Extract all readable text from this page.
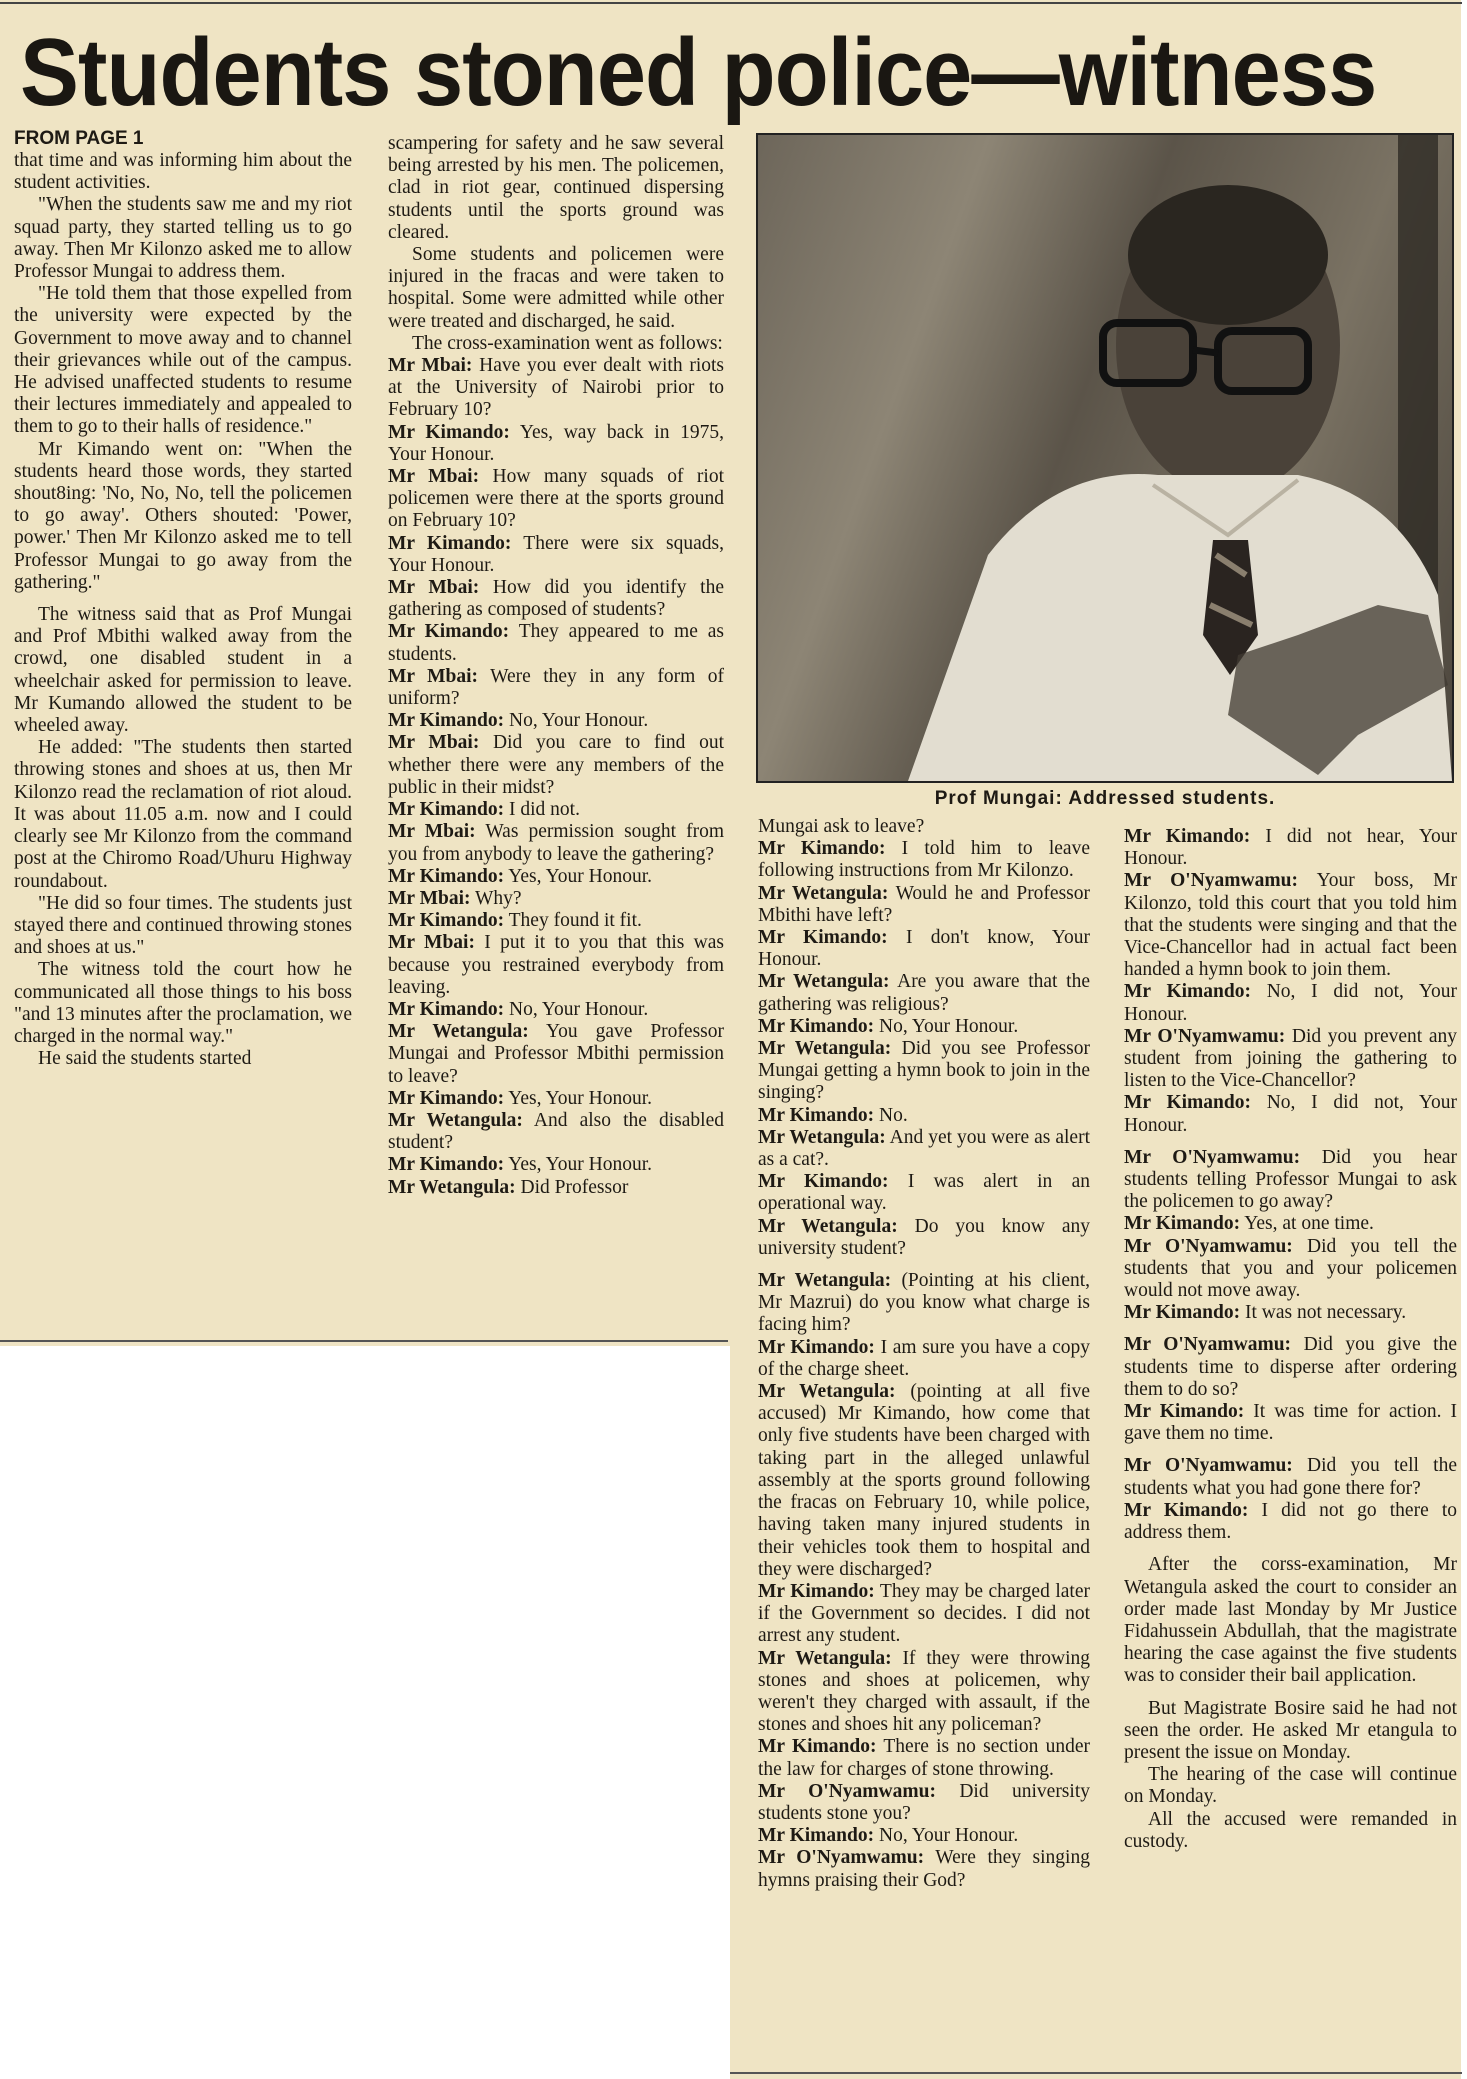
Students stoned police—witness

FROM PAGE 1

that time and was informing him about the student activities.

"When the students saw me and my riot squad party, they started telling us to go away. Then Mr Kilonzo asked me to allow Professor Mungai to address them.

"He told them that those expelled from the university were expected by the Government to move away and to channel their grievances while out of the campus. He advised unaffected students to resume their lectures immediately and appealed to them to go to their halls of residence."

Mr Kimando went on: "When the students heard those words, they started shout8ing: 'No, No, No, tell the policemen to go away'. Others shouted: 'Power, power.' Then Mr Kilonzo asked me to tell Professor Mungai to go away from the gathering."

The witness said that as Prof Mungai and Prof Mbithi walked away from the crowd, one disabled student in a wheelchair asked for permission to leave. Mr Kumando allowed the student to be wheeled away.

He added: "The students then started throwing stones and shoes at us, then Mr Kilonzo read the reclamation of riot aloud. It was about 11.05 a.m. now and I could clearly see Mr Kilonzo from the command post at the Chiromo Road/Uhuru Highway roundabout.

"He did so four times. The students just stayed there and continued throwing stones and shoes at us."

The witness told the court how he communicated all those things to his boss "and 13 minutes after the proclamation, we charged in the normal way."

He said the students started

scampering for safety and he saw several being arrested by his men. The policemen, clad in riot gear, continued dispersing students until the sports ground was cleared.

Some students and policemen were injured in the fracas and were taken to hospital. Some were admitted while other were treated and discharged, he said.

The cross-examination went as follows:

Mr Mbai: Have you ever dealt with riots at the University of Nairobi prior to February 10?

Mr Kimando: Yes, way back in 1975, Your Honour.

Mr Mbai: How many squads of riot policemen were there at the sports ground on February 10?

Mr Kimando: There were six squads, Your Honour.

Mr Mbai: How did you identify the gathering as composed of students?

Mr Kimando: They appeared to me as students.

Mr Mbai: Were they in any form of uniform?

Mr Kimando: No, Your Honour.

Mr Mbai: Did you care to find out whether there were any members of the public in their midst?

Mr Kimando: I did not.

Mr Mbai: Was permission sought from you from anybody to leave the gathering?

Mr Kimando: Yes, Your Honour.

Mr Mbai: Why?

Mr Kimando: They found it fit.

Mr Mbai: I put it to you that this was because you restrained everybody from leaving.

Mr Kimando: No, Your Honour.

Mr Wetangula: You gave Professor Mungai and Professor Mbithi permission to leave?

Mr Kimando: Yes, Your Honour.

Mr Wetangula: And also the disabled student?

Mr Kimando: Yes, Your Honour.

Mr Wetangula: Did Professor

Prof Mungai: Addressed students.

Mungai ask to leave?

Mr Kimando: I told him to leave following instructions from Mr Kilonzo.

Mr Wetangula: Would he and Professor Mbithi have left?

Mr Kimando: I don't know, Your Honour.

Mr Wetangula: Are you aware that the gathering was religious?

Mr Kimando: No, Your Honour.

Mr Wetangula: Did you see Professor Mungai getting a hymn book to join in the singing?

Mr Kimando: No.

Mr Wetangula: And yet you were as alert as a cat?.

Mr Kimando: I was alert in an operational way.

Mr Wetangula: Do you know any university student?

Mr Wetangula: (Pointing at his client, Mr Mazrui) do you know what charge is facing him?

Mr Kimando: I am sure you have a copy of the charge sheet.

Mr Wetangula: (pointing at all five accused) Mr Kimando, how come that only five students have been charged with taking part in the alleged unlawful assembly at the sports ground following the fracas on February 10, while police, having taken many injured students in their vehicles took them to hospital and they were discharged?

Mr Kimando: They may be charged later if the Government so decides. I did not arrest any student.

Mr Wetangula: If they were throwing stones and shoes at policemen, why weren't they charged with assault, if the stones and shoes hit any policeman?

Mr Kimando: There is no section under the law for charges of stone throwing.

Mr O'Nyamwamu: Did university students stone you?

Mr Kimando: No, Your Honour.

Mr O'Nyamwamu: Were they singing hymns praising their God?

Mr Kimando: I did not hear, Your Honour.

Mr O'Nyamwamu: Your boss, Mr Kilonzo, told this court that you told him that the students were singing and that the Vice-Chancellor had in actual fact been handed a hymn book to join them.

Mr Kimando: No, I did not, Your Honour.

Mr O'Nyamwamu: Did you prevent any student from joining the gathering to listen to the Vice-Chancellor?

Mr Kimando: No, I did not, Your Honour.

Mr O'Nyamwamu: Did you hear students telling Professor Mungai to ask the policemen to go away?

Mr Kimando: Yes, at one time.

Mr O'Nyamwamu: Did you tell the students that you and your policemen would not move away.

Mr Kimando: It was not necessary.

Mr O'Nyamwamu: Did you give the students time to disperse after ordering them to do so?

Mr Kimando: It was time for action. I gave them no time.

Mr O'Nyamwamu: Did you tell the students what you had gone there for?

Mr Kimando: I did not go there to address them.

After the corss-examination, Mr Wetangula asked the court to consider an order made last Monday by Mr Justice Fidahussein Abdullah, that the magistrate hearing the case against the five students was to consider their bail application.

But Magistrate Bosire said he had not seen the order. He asked Mr etangula to present the issue on Monday.

The hearing of the case will continue on Monday.

All the accused were remanded in custody.
